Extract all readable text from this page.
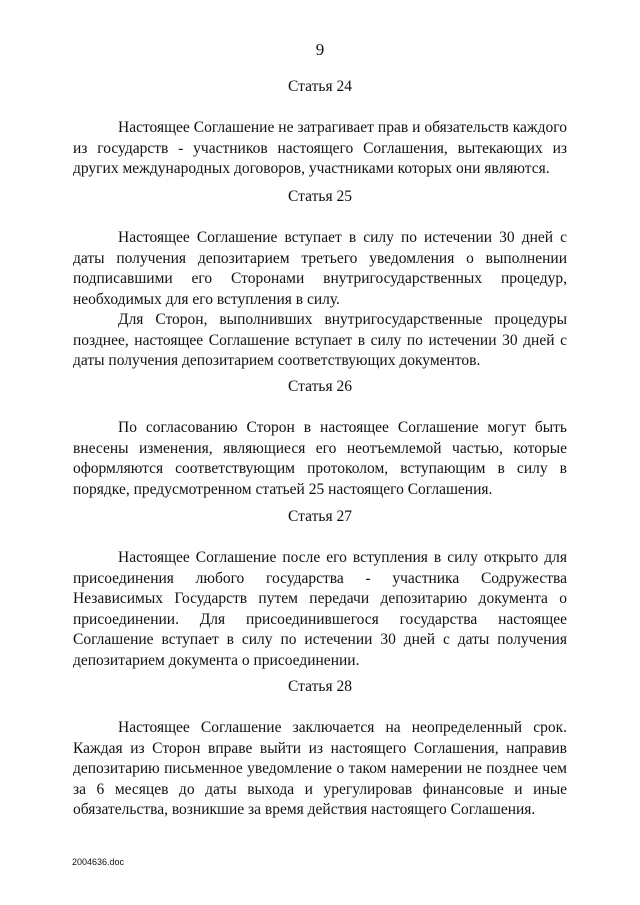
9
Статья 24

Настоящее Соглашение не затрагивает прав и обязательств каждого из государств - участников настоящего Соглашения, вытекающих из других международных договоров, участниками которых они являются.

Статья 25

Настоящее Соглашение вступает в силу по истечении 30 дней с даты получения депозитарием третьего уведомления о выполнении подписавшими его Сторонами внутригосударственных процедур, необходимых для его вступления в силу.

Для Сторон, выполнивших внутригосударственные процедуры позднее, настоящее Соглашение вступает в силу по истечении 30 дней с даты получения депозитарием соответствующих документов.

Статья 26

По согласованию Сторон в настоящее Соглашение могут быть внесены изменения, являющиеся его неотъемлемой частью, которые оформляются соответствующим протоколом, вступающим в силу в порядке, предусмотренном статьей 25 настоящего Соглашения.

Статья 27

Настоящее Соглашение после его вступления в силу открыто для присоединения любого государства - участника Содружества Независимых Государств путем передачи депозитарию документа о присоединении. Для присоединившегося государства настоящее Соглашение вступает в силу по истечении 30 дней с даты получения депозитарием документа о присоединении.

Статья 28

Настоящее Соглашение заключается на неопределенный срок. Каждая из Сторон вправе выйти из настоящего Соглашения, направив депозитарию письменное уведомление о таком намерении не позднее чем за 6 месяцев до даты выхода и урегулировав финансовые и иные обязательства, возникшие за время действия настоящего Соглашения.

2004636.doc
